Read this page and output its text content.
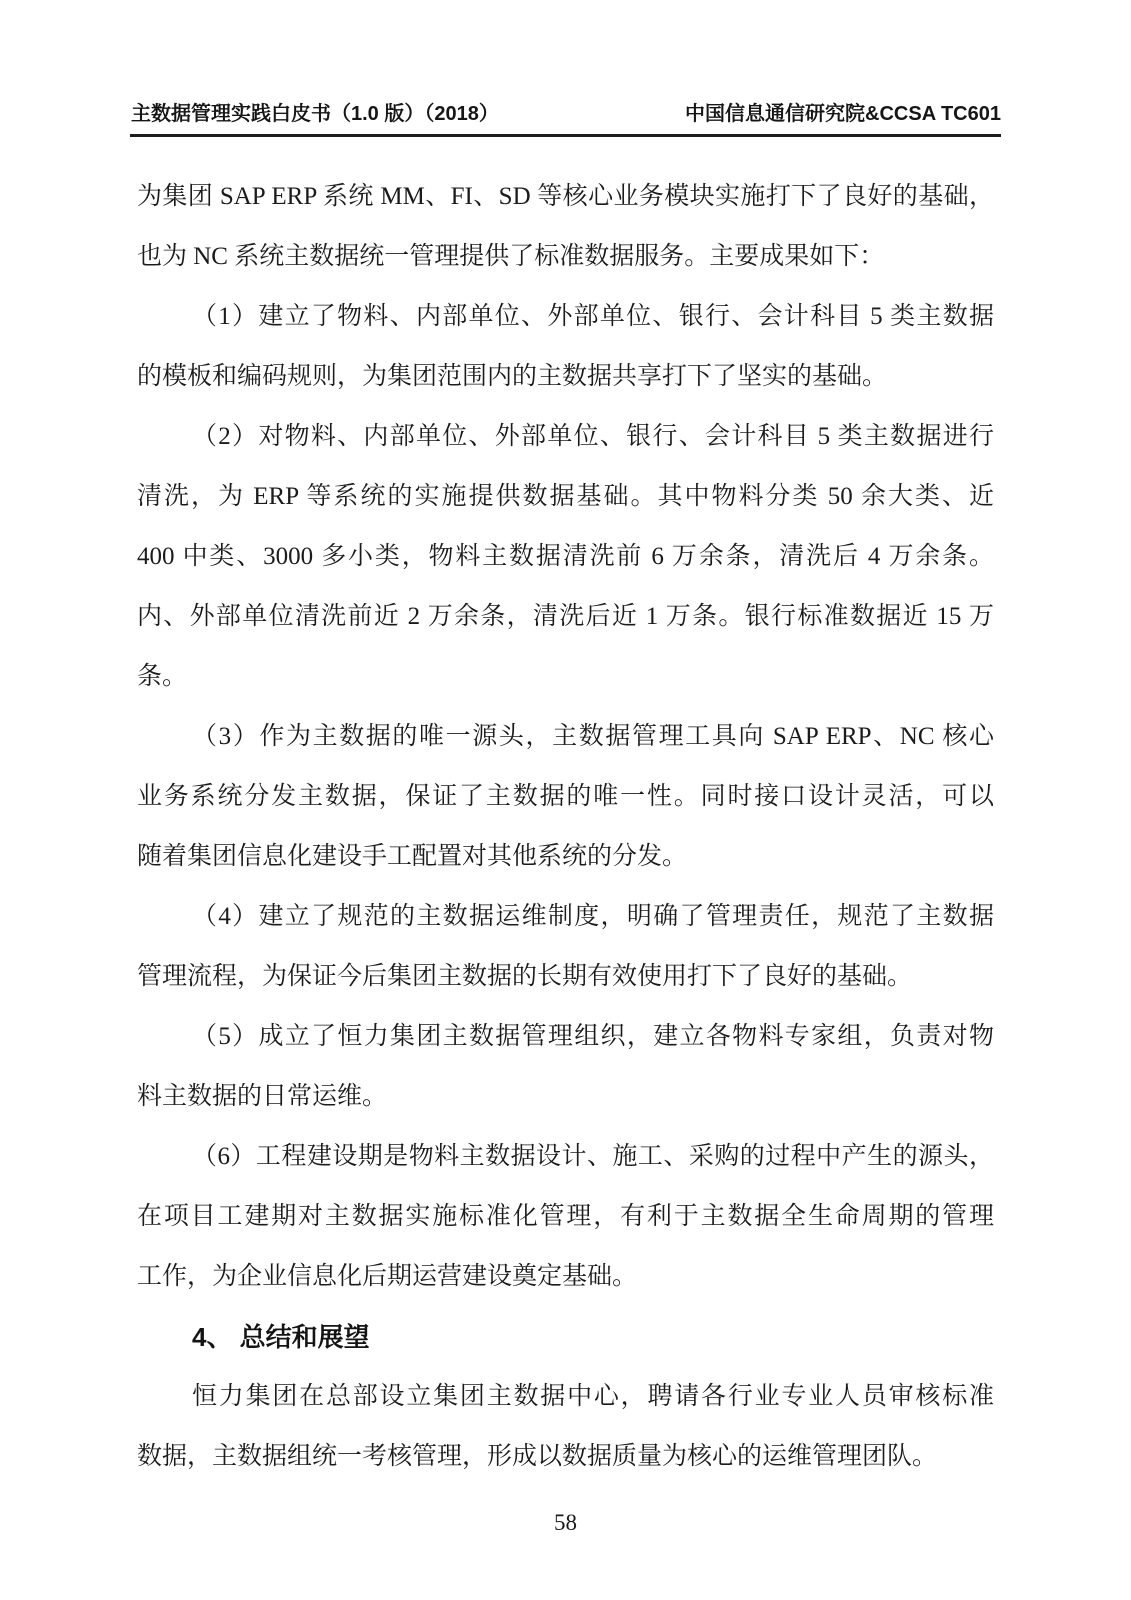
主数据管理实践白皮书（1.0 版）（2018）	中国信息通信研究院&CCSA TC601
为集团 SAP ERP 系统 MM、FI、SD 等核心业务模块实施打下了良好的基础，
也为 NC 系统主数据统一管理提供了标准数据服务。主要成果如下：
（1）建立了物料、内部单位、外部单位、银行、会计科目 5 类主数据
的模板和编码规则，为集团范围内的主数据共享打下了坚实的基础。
（2）对物料、内部单位、外部单位、银行、会计科目 5 类主数据进行
清洗，为 ERP 等系统的实施提供数据基础。其中物料分类 50 余大类、近
400 中类、3000 多小类，物料主数据清洗前 6 万余条，清洗后 4 万余条。
内、外部单位清洗前近 2 万余条，清洗后近 1 万条。银行标准数据近 15 万
条。
（3）作为主数据的唯一源头，主数据管理工具向 SAP ERP、NC 核心
业务系统分发主数据，保证了主数据的唯一性。同时接口设计灵活，可以
随着集团信息化建设手工配置对其他系统的分发。
（4）建立了规范的主数据运维制度，明确了管理责任，规范了主数据
管理流程，为保证今后集团主数据的长期有效使用打下了良好的基础。
（5）成立了恒力集团主数据管理组织，建立各物料专家组，负责对物
料主数据的日常运维。
（6）工程建设期是物料主数据设计、施工、采购的过程中产生的源头，
在项目工建期对主数据实施标准化管理，有利于主数据全生命周期的管理
工作，为企业信息化后期运营建设奠定基础。
4、 总结和展望
恒力集团在总部设立集团主数据中心，聘请各行业专业人员审核标准
数据，主数据组统一考核管理，形成以数据质量为核心的运维管理团队。
58
